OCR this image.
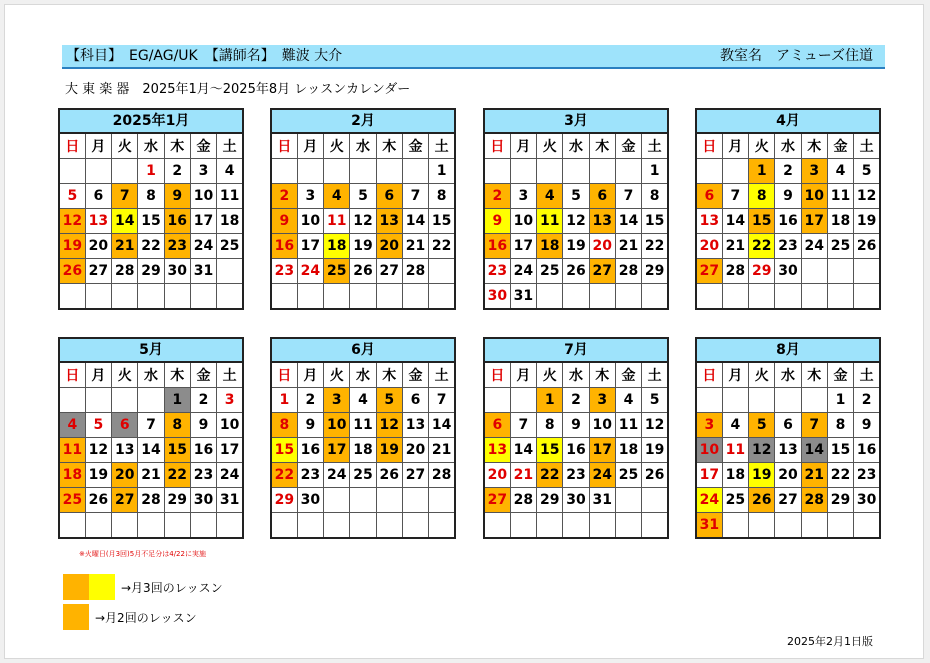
【科目】　EG/AG/UK　【講師名】　難波 大介	教室名　アミューズ住道
大 東 楽 器　2025年1月～2025年8月 レッスンカレンダー
2025年1月
日	月	火	水	木	金	土
			1	2	3	4
5	6	7	8	9	10	11
12	13	14	15	16	17	18
19	20	21	22	23	24	25
26	27	28	29	30	31	

2月
日	月	火	水	木	金	土
						1
2	3	4	5	6	7	8
9	10	11	12	13	14	15
16	17	18	19	20	21	22
23	24	25	26	27	28	

3月
日	月	火	水	木	金	土
						1
2	3	4	5	6	7	8
9	10	11	12	13	14	15
16	17	18	19	20	21	22
23	24	25	26	27	28	29
30	31					
4月
日	月	火	水	木	金	土
		1	2	3	4	5
6	7	8	9	10	11	12
13	14	15	16	17	18	19
20	21	22	23	24	25	26
27	28	29	30			

5月
日	月	火	水	木	金	土
				1	2	3
4	5	6	7	8	9	10
11	12	13	14	15	16	17
18	19	20	21	22	23	24
25	26	27	28	29	30	31

6月
日	月	火	水	木	金	土
1	2	3	4	5	6	7
8	9	10	11	12	13	14
15	16	17	18	19	20	21
22	23	24	25	26	27	28
29	30					

7月
日	月	火	水	木	金	土
		1	2	3	4	5
6	7	8	9	10	11	12
13	14	15	16	17	18	19
20	21	22	23	24	25	26
27	28	29	30	31		

8月
日	月	火	水	木	金	土
					1	2
3	4	5	6	7	8	9
10	11	12	13	14	15	16
17	18	19	20	21	22	23
24	25	26	27	28	29	30
31						
※火曜日(月3回)5月不足分は4/22に実施
→月3回のレッスン
→月2回のレッスン
2025年2月1日版
